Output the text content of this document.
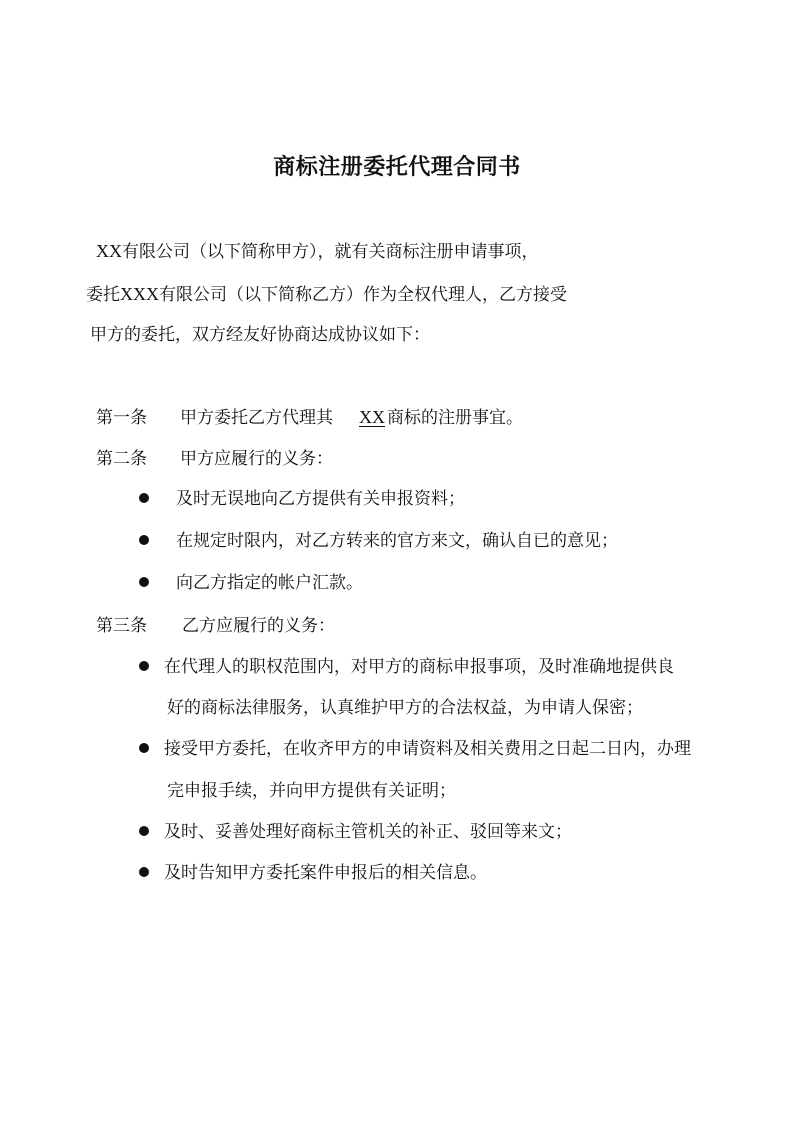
商标注册委托代理合同书
XX有限公司（以下简称甲方），就有关商标注册申请事项，
委托XXX有限公司（以下简称乙方）作为全权代理人，乙方接受
甲方的委托，双方经友好协商达成协议如下：
第一条 甲方委托乙方代理其 XX 商标的注册事宜。
第二条 甲方应履行的义务：
及时无误地向乙方提供有关申报资料；
在规定时限内，对乙方转来的官方来文，确认自已的意见；
向乙方指定的帐户汇款。
第三条 乙方应履行的义务：
在代理人的职权范围内，对甲方的商标申报事项，及时准确地提供良
好的商标法律服务，认真维护甲方的合法权益，为申请人保密；
接受甲方委托，在收齐甲方的申请资料及相关费用之日起二日内，办理
完申报手续，并向甲方提供有关证明；
及时、妥善处理好商标主管机关的补正、驳回等来文；
及时告知甲方委托案件申报后的相关信息。
